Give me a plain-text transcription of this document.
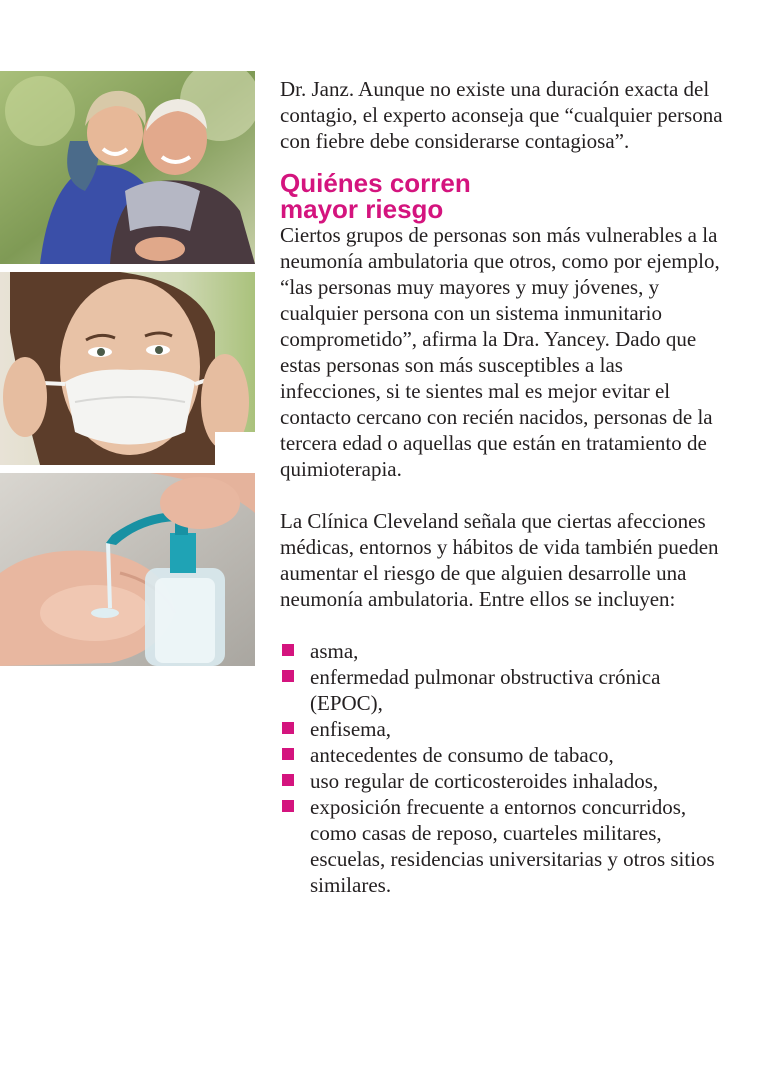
Dr. Janz. Aunque no existe una duración exacta del contagio, el experto aconseja que “cualquier persona con fiebre debe considerarse contagiosa”.

Quiénes corren
mayor riesgo

Ciertos grupos de personas son más vulnerables a la neumonía ambulatoria que otros, como por ejemplo, “las personas muy mayores y muy jóvenes, y cualquier persona con un sistema inmunitario comprometido”, afirma la Dra. Yancey. Dado que estas personas son más susceptibles a las infecciones, si te sientes mal es mejor evitar el contacto cercano con recién nacidos, personas de la tercera edad o aquellas que están en tratamiento de quimioterapia.

La Clínica Cleveland señala que ciertas afecciones médicas, entornos y hábitos de vida también pueden aumentar el riesgo de que alguien desarrolle una neumonía ambulatoria. Entre ellos se incluyen:

asma,
enfermedad pulmonar obstructiva crónica (EPOC),
enfisema,
antecedentes de consumo de tabaco,
uso regular de corticosteroides inhalados,
exposición frecuente a entornos concurridos, como casas de reposo, cuarteles militares, escuelas, residencias universitarias y otros sitios similares.
